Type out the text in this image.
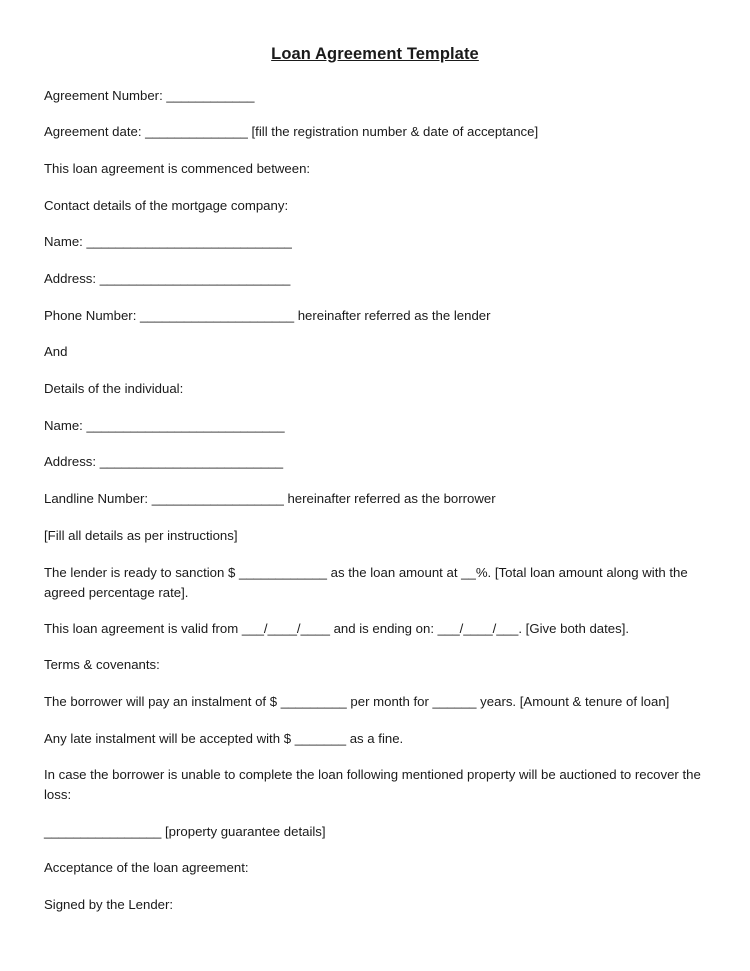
Loan Agreement Template
Agreement Number: ____________
Agreement date: ______________ [fill the registration number & date of acceptance]
This loan agreement is commenced between:
Contact details of the mortgage company:
Name: ____________________________
Address: __________________________
Phone Number: _____________________ hereinafter referred as the lender
And
Details of the individual:
Name: ___________________________
Address: _________________________
Landline Number: __________________ hereinafter referred as the borrower
[Fill all details as per instructions]
The lender is ready to sanction $ ____________ as the loan amount at __%. [Total loan amount along with the agreed percentage rate].
This loan agreement is valid from ___/____/____ and is ending on: ___/____/___. [Give both dates].
Terms & covenants:
The borrower will pay an instalment of $ _________ per month for ______ years. [Amount & tenure of loan]
Any late instalment will be accepted with $ _______ as a fine.
In case the borrower is unable to complete the loan following mentioned property will be auctioned to recover the loss:
________________ [property guarantee details]
Acceptance of the loan agreement:
Signed by the Lender:
